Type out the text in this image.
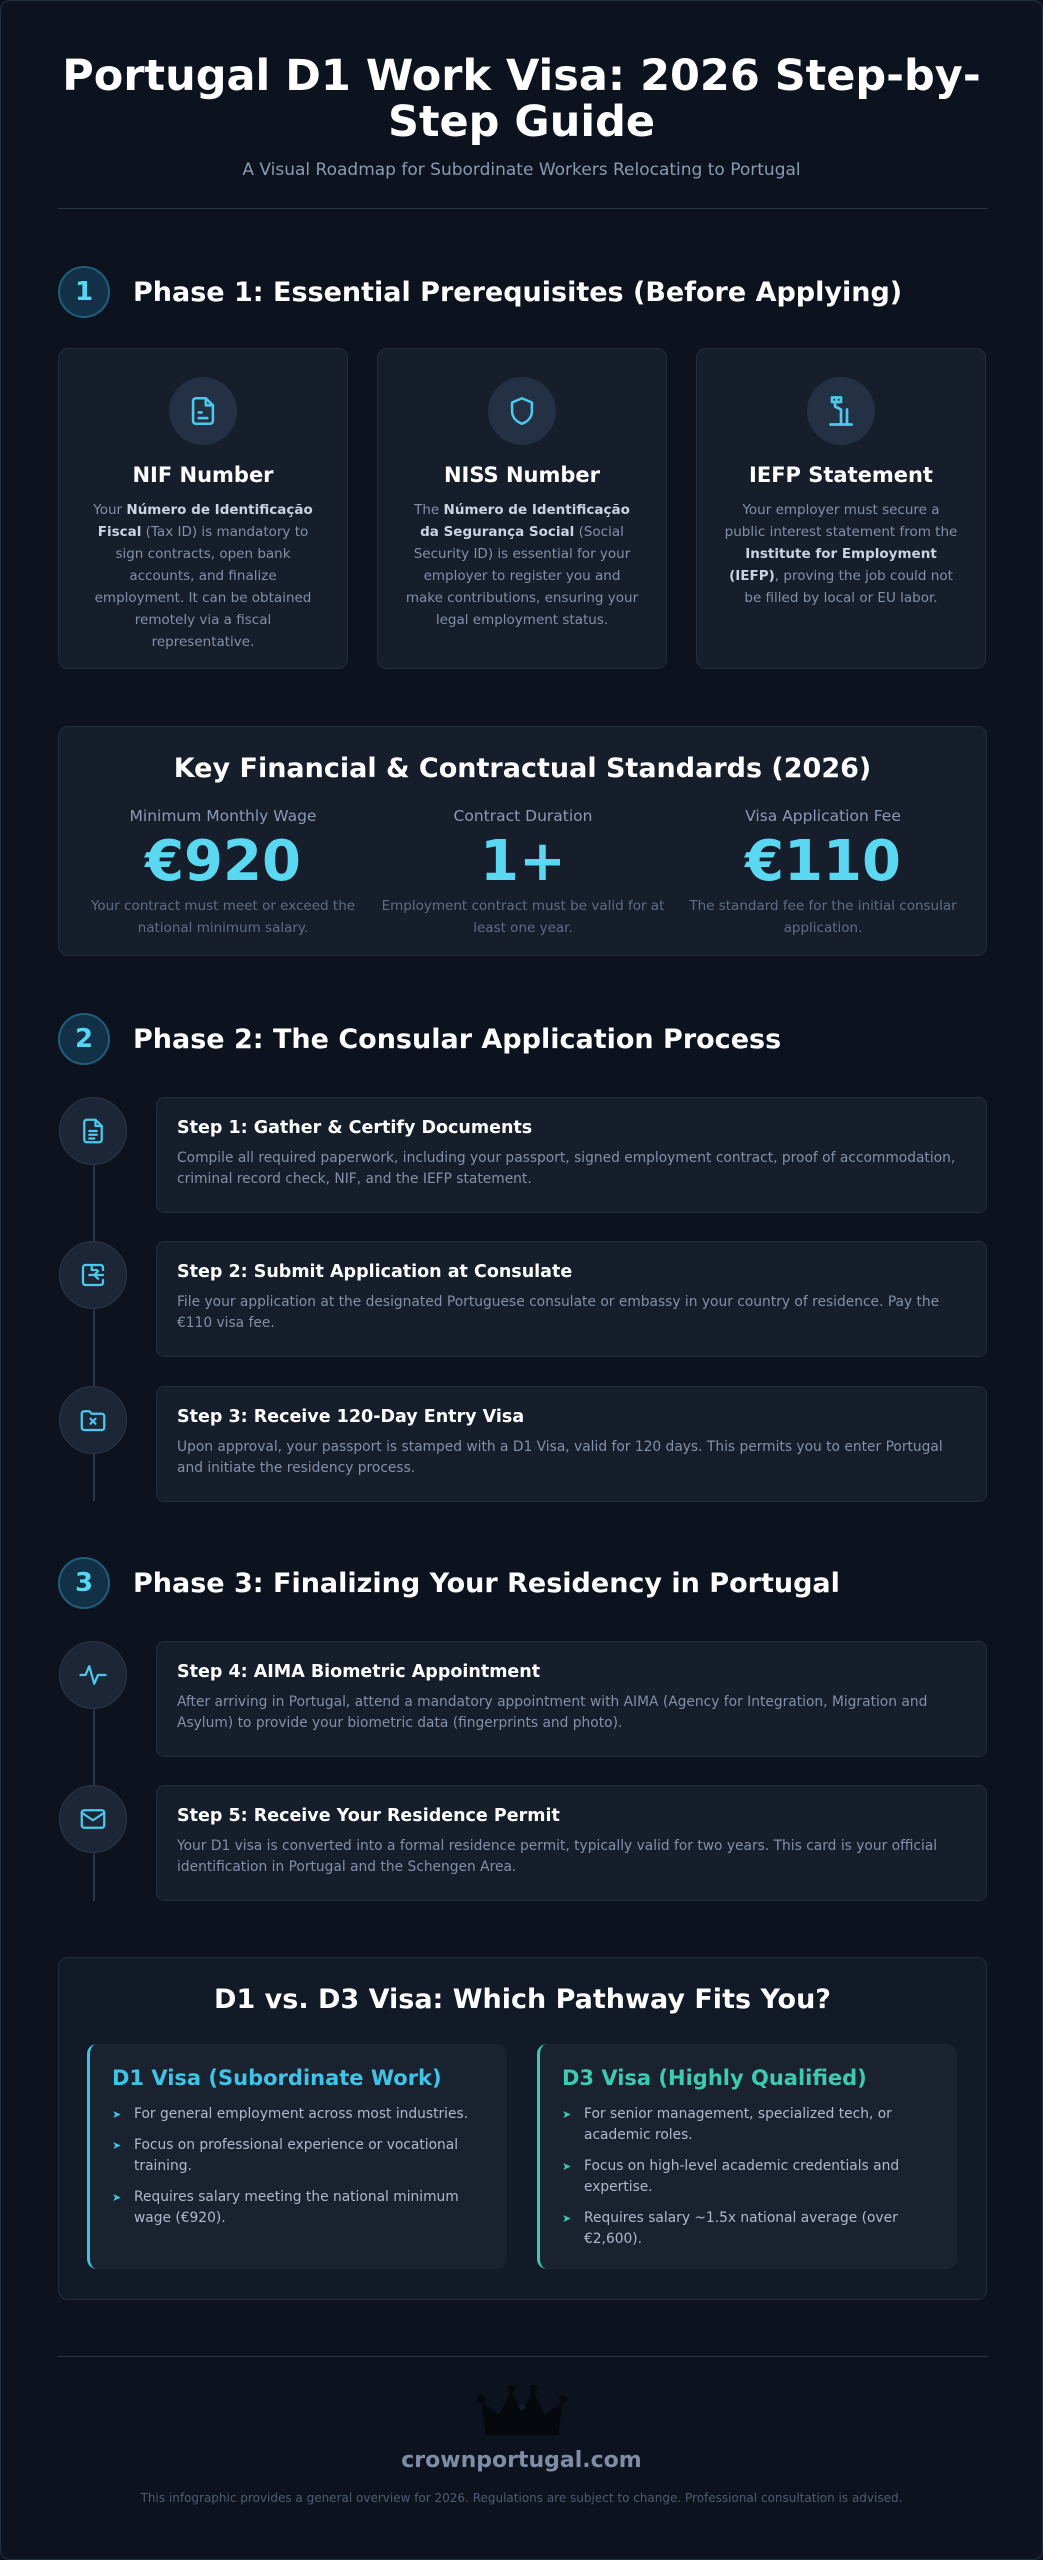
Portugal D1 Work Visa: 2026 Step-by-Step Guide
A Visual Roadmap for Subordinate Workers Relocating to Portugal
1	Phase 1: Essential Prerequisites (Before Applying)
NIF Number
Your Número de Identificação Fiscal (Tax ID) is mandatory to sign contracts, open bank accounts, and finalize employment. It can be obtained remotely via a fiscal representative.
NISS Number
The Número de Identificação da Segurança Social (Social Security ID) is essential for your employer to register you and make contributions, ensuring your legal employment status.
IEFP Statement
Your employer must secure a public interest statement from the Institute for Employment (IEFP), proving the job could not be filled by local or EU labor.
Key Financial & Contractual Standards (2026)
Minimum Monthly Wage
€920
Your contract must meet or exceed the national minimum salary.
Contract Duration
1+
Employment contract must be valid for at least one year.
Visa Application Fee
€110
The standard fee for the initial consular application.
2	Phase 2: The Consular Application Process
Step 1: Gather & Certify Documents
Compile all required paperwork, including your passport, signed employment contract, proof of accommodation, criminal record check, NIF, and the IEFP statement.
Step 2: Submit Application at Consulate
File your application at the designated Portuguese consulate or embassy in your country of residence. Pay the €110 visa fee.
Step 3: Receive 120-Day Entry Visa
Upon approval, your passport is stamped with a D1 Visa, valid for 120 days. This permits you to enter Portugal and initiate the residency process.
3	Phase 3: Finalizing Your Residency in Portugal
Step 4: AIMA Biometric Appointment
After arriving in Portugal, attend a mandatory appointment with AIMA (Agency for Integration, Migration and Asylum) to provide your biometric data (fingerprints and photo).
Step 5: Receive Your Residence Permit
Your D1 visa is converted into a formal residence permit, typically valid for two years. This card is your official identification in Portugal and the Schengen Area.
D1 vs. D3 Visa: Which Pathway Fits You?
D1 Visa (Subordinate Work)
➤ For general employment across most industries.
➤ Focus on professional experience or vocational training.
➤ Requires salary meeting the national minimum wage (€920).
D3 Visa (Highly Qualified)
➤ For senior management, specialized tech, or academic roles.
➤ Focus on high-level academic credentials and expertise.
➤ Requires salary ~1.5x national average (over €2,600).
crownportugal.com
This infographic provides a general overview for 2026. Regulations are subject to change. Professional consultation is advised.
